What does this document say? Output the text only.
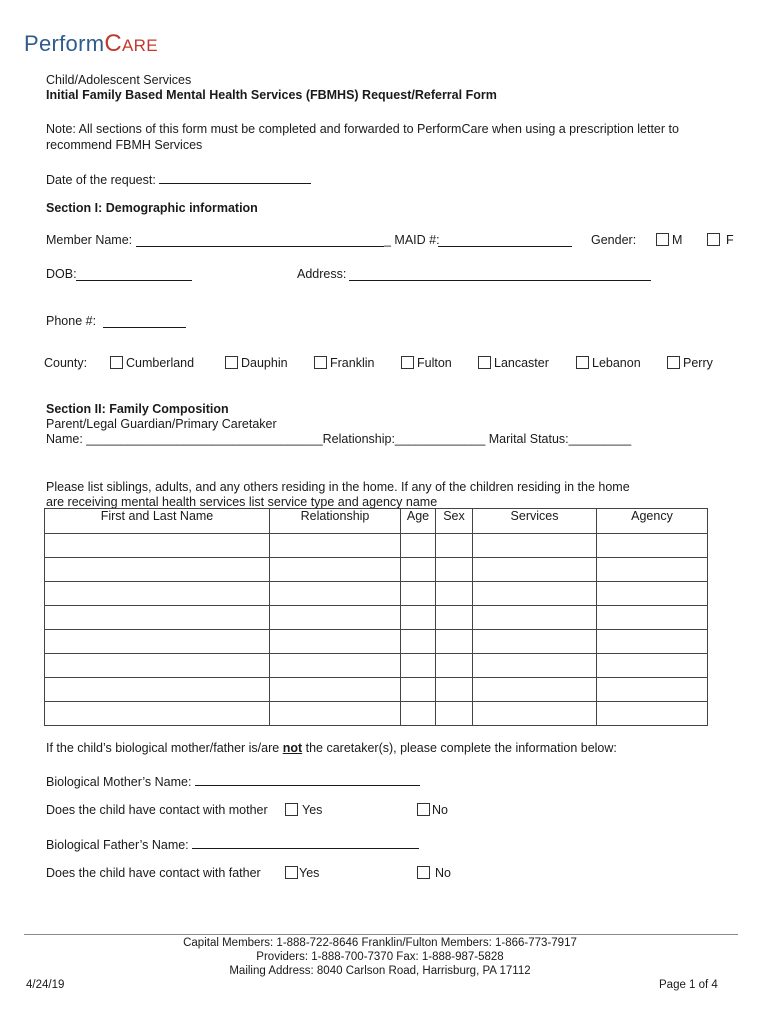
PerformCare
Child/Adolescent Services
Initial Family Based Mental Health Services (FBMHS) Request/Referral Form
Note: All sections of this form must be completed and forwarded to PerformCare when using a prescription letter to
recommend FBMH Services
Date of the request:
Section I: Demographic information
Member Name:	_ MAID #:	Gender:	M	F
DOB:	Address:
Phone #:
County:	Cumberland	Dauphin	Franklin	Fulton	Lancaster	Lebanon	Perry
Section II: Family Composition
Parent/Legal Guardian/Primary Caretaker
Name: __________________________________Relationship:_____________ Marital Status:_________
Please list siblings, adults, and any others residing in the home. If any of the children residing in the home
are receiving mental health services list service type and agency name
First and Last Name	Relationship	Age	Sex	Services	Agency

If the child’s biological mother/father is/are not the caretaker(s), please complete the information below:
Biological Mother’s Name:
Does the child have contact with mother	Yes	No
Biological Father’s Name:
Does the child have contact with father	Yes	No
Capital Members: 1-888-722-8646 Franklin/Fulton Members: 1-866-773-7917
Providers: 1-888-700-7370 Fax: 1-888-987-5828
Mailing Address: 8040 Carlson Road, Harrisburg, PA 17112
4/24/19	Page 1 of 4
